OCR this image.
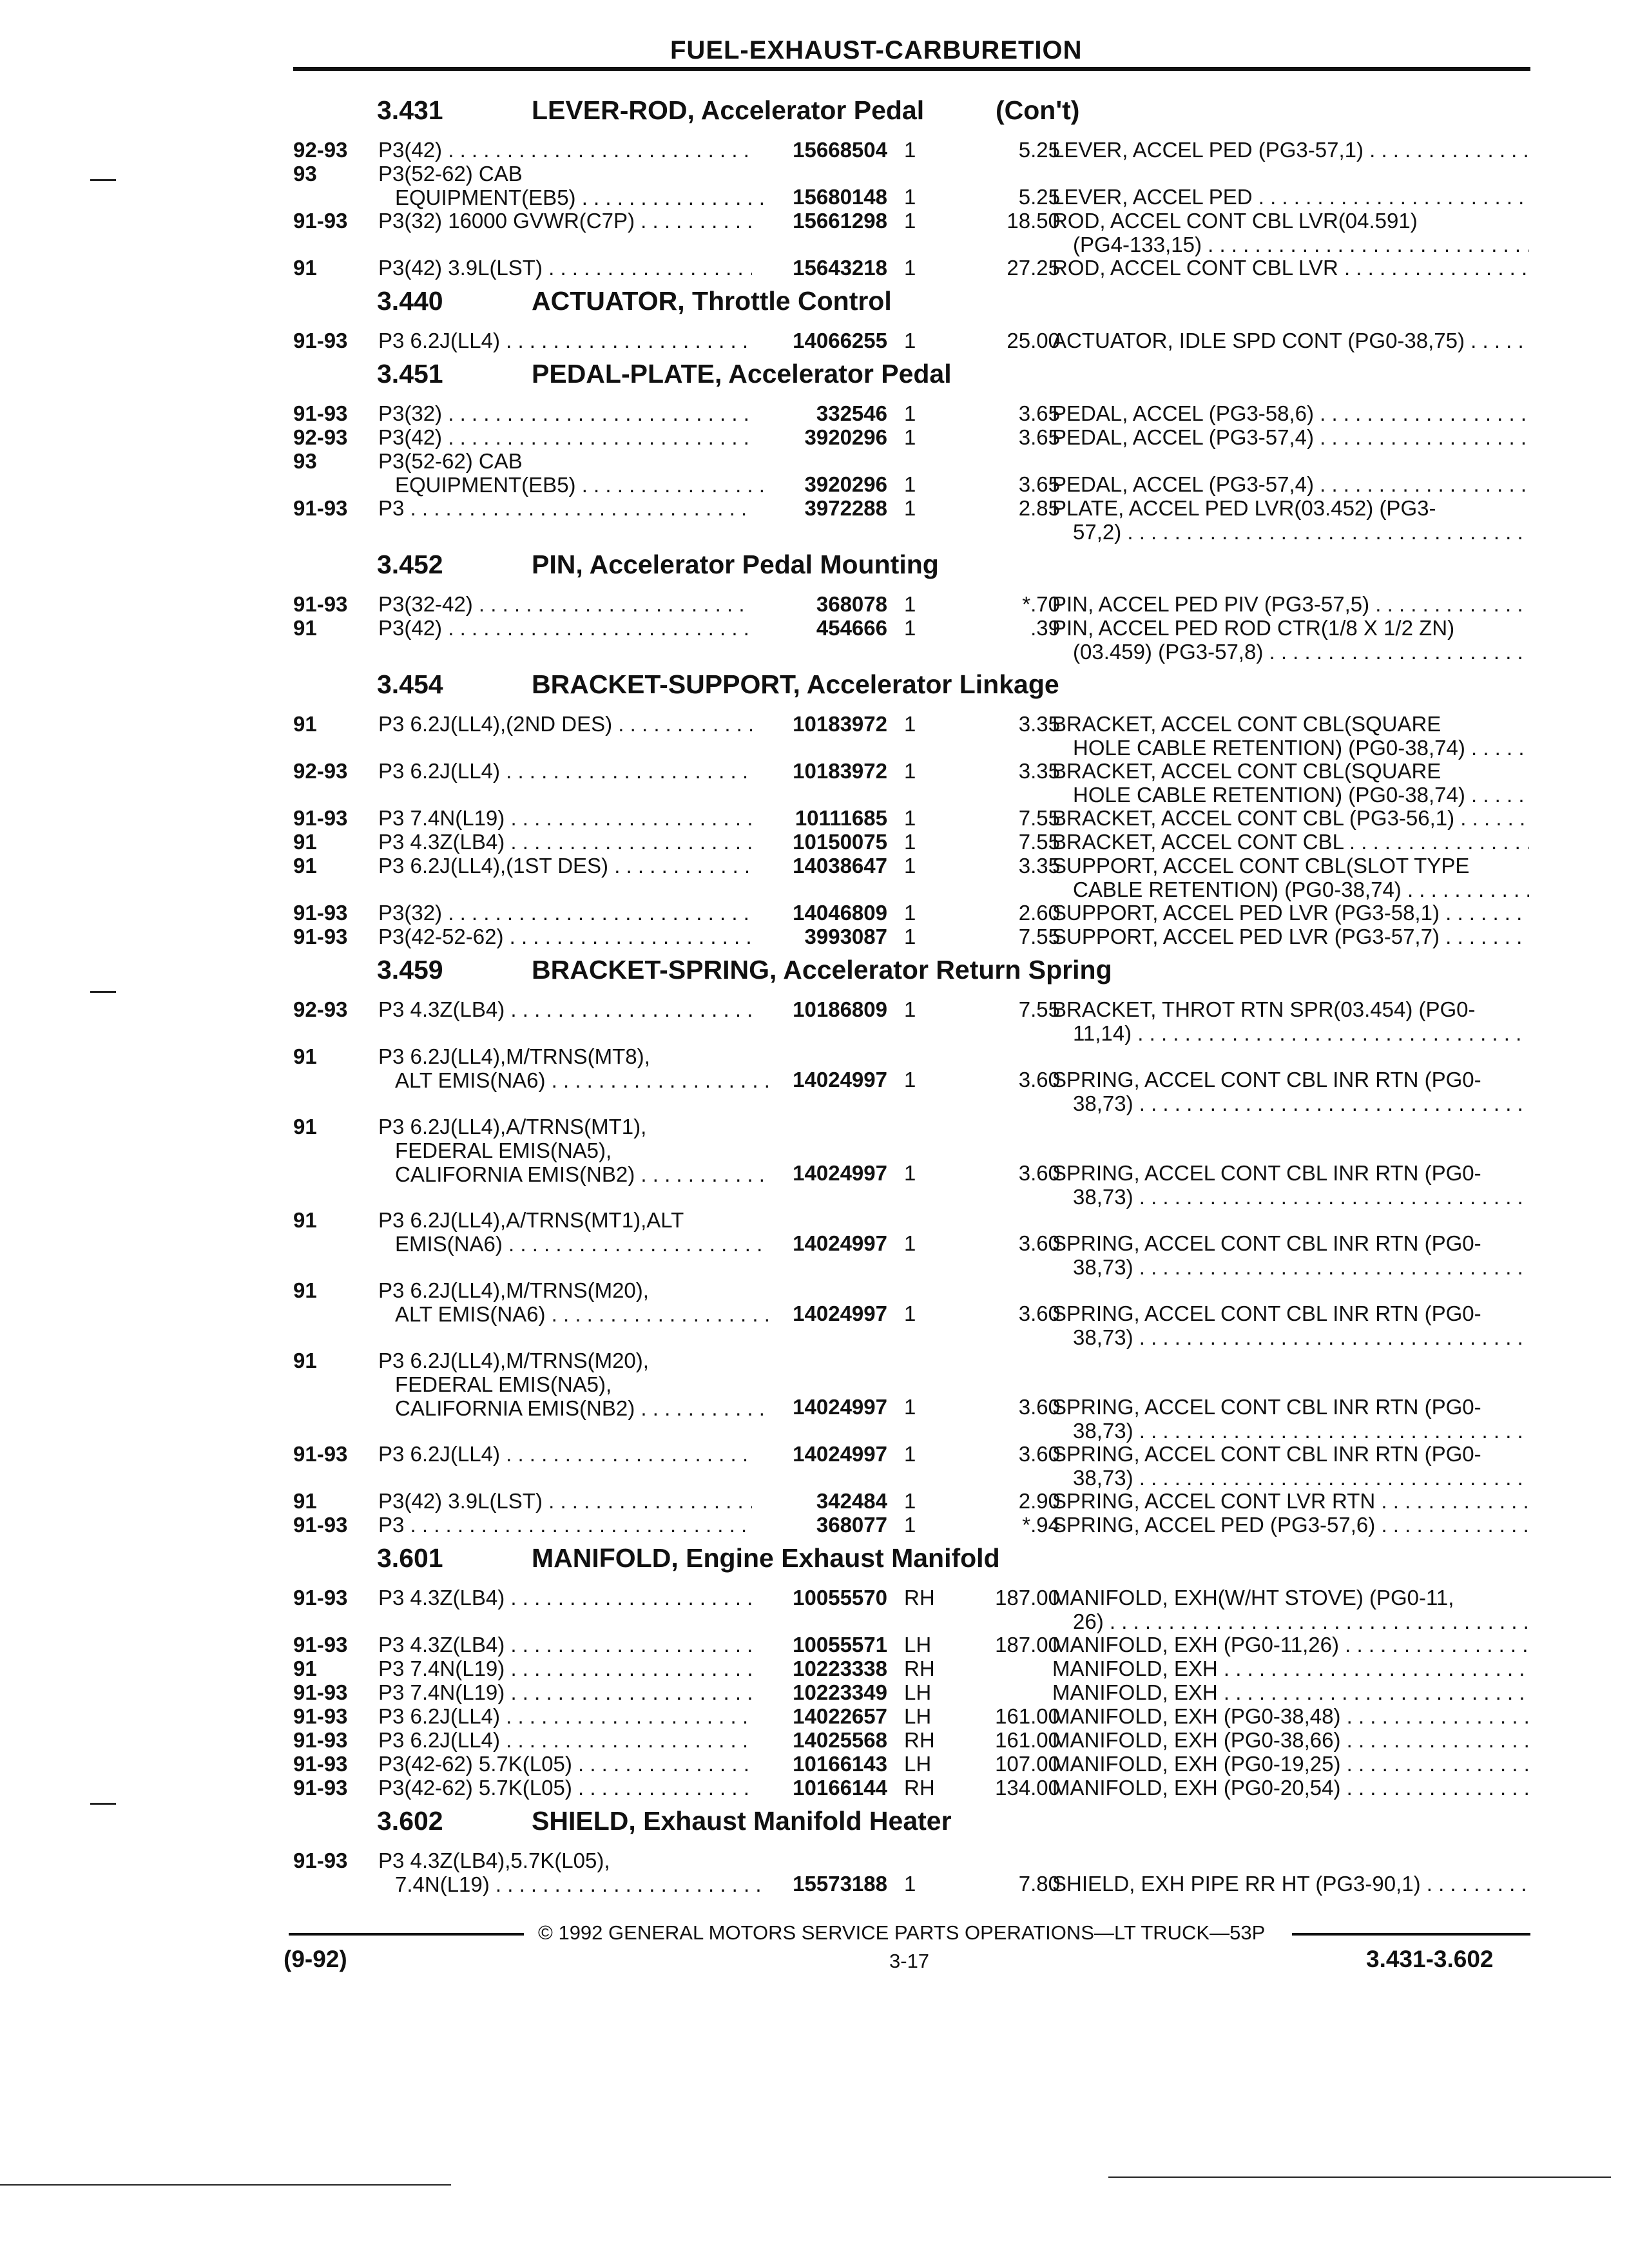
FUEL-EXHAUST-CARBURETION
3.431	LEVER-ROD, Accelerator Pedal	(Con't)
92-93 P3(42) . . .	15668504 1	5.25
LEVER, ACCEL PED (PG3-57,1) . . .
93	P3(52-62) CAB
EQUIPMENT(EB5) . . .	15680148 1	5.25
LEVER, ACCEL PED . . .
91-93 P3(32) 16000 GVWR(C7P) . . .	15661298 1	18.50
ROD, ACCEL CONT CBL LVR(04.591)
(PG4-133,15) . . .
91	P3(42) 3.9L(LST) . . .	15643218 1	27.25
ROD, ACCEL CONT CBL LVR . . .
3.440	ACTUATOR, Throttle Control
91-93 P3 6.2J(LL4) . . .	14066255 1	25.00
ACTUATOR, IDLE SPD CONT (PG0-38,75) . . .
3.451	PEDAL-PLATE, Accelerator Pedal
91-93 P3(32) . . .	332546 1	3.65
PEDAL, ACCEL (PG3-58,6) . . .
92-93 P3(42) . . .	3920296 1	3.65
PEDAL, ACCEL (PG3-57,4) . . .
93	P3(52-62) CAB
EQUIPMENT(EB5) . . .	3920296 1	3.65
PEDAL, ACCEL (PG3-57,4) . . .
91-93 P3 . . .	3972288 1	2.85
PLATE, ACCEL PED LVR(03.452) (PG3-
57,2) . . .
3.452	PIN, Accelerator Pedal Mounting
91-93 P3(32-42) . . .	368078 1	*.70
PIN, ACCEL PED PIV (PG3-57,5) . . .
91	P3(42) . . .	454666 1	.39
PIN, ACCEL PED ROD CTR(1/8 X 1/2 ZN)
(03.459) (PG3-57,8) . . .
3.454	BRACKET-SUPPORT, Accelerator Linkage
91	P3 6.2J(LL4),(2ND DES) . . .	10183972 1	3.35
BRACKET, ACCEL CONT CBL(SQUARE
HOLE CABLE RETENTION) (PG0-38,74) . . .
92-93 P3 6.2J(LL4) . . .	10183972 1	3.35
BRACKET, ACCEL CONT CBL(SQUARE
HOLE CABLE RETENTION) (PG0-38,74) . . .
91-93 P3 7.4N(L19) . . .	10111685 1	7.55
BRACKET, ACCEL CONT CBL (PG3-56,1) . . .
91	P3 4.3Z(LB4) . . .	10150075 1	7.55
BRACKET, ACCEL CONT CBL . . .
91	P3 6.2J(LL4),(1ST DES) . . .	14038647 1	3.35
SUPPORT, ACCEL CONT CBL(SLOT TYPE
CABLE RETENTION) (PG0-38,74) . . .
91-93 P3(32) . . .	14046809 1	2.60
SUPPORT, ACCEL PED LVR (PG3-58,1) . . .
91-93 P3(42-52-62) . . .	3993087 1	7.55
SUPPORT, ACCEL PED LVR (PG3-57,7) . . .
3.459	BRACKET-SPRING, Accelerator Return Spring
92-93 P3 4.3Z(LB4) . . .	10186809 1	7.55
BRACKET, THROT RTN SPR(03.454) (PG0-
11,14) . . .
91	P3 6.2J(LL4),M/TRNS(MT8),
ALT EMIS(NA6) . . .	14024997 1	3.60
SPRING, ACCEL CONT CBL INR RTN (PG0-
38,73) . . .
91	P3 6.2J(LL4),A/TRNS(MT1),
FEDERAL EMIS(NA5),
CALIFORNIA EMIS(NB2) . . .	14024997 1	3.60
SPRING, ACCEL CONT CBL INR RTN (PG0-
38,73) . . .
91	P3 6.2J(LL4),A/TRNS(MT1),ALT
EMIS(NA6) . . .	14024997 1	3.60
SPRING, ACCEL CONT CBL INR RTN (PG0-
38,73) . . .
91	P3 6.2J(LL4),M/TRNS(M20),
ALT EMIS(NA6) . . .	14024997 1	3.60
SPRING, ACCEL CONT CBL INR RTN (PG0-
38,73) . . .
91	P3 6.2J(LL4),M/TRNS(M20),
FEDERAL EMIS(NA5),
CALIFORNIA EMIS(NB2) . . .	14024997 1	3.60
SPRING, ACCEL CONT CBL INR RTN (PG0-
38,73) . . .
91-93 P3 6.2J(LL4) . . .	14024997 1	3.60
SPRING, ACCEL CONT CBL INR RTN (PG0-
38,73) . . .
91	P3(42) 3.9L(LST) . . .	342484 1	2.90
SPRING, ACCEL CONT LVR RTN . . .
91-93 P3 . . .	368077 1	*.94
SPRING, ACCEL PED (PG3-57,6) . . .
3.601	MANIFOLD, Engine Exhaust Manifold
91-93 P3 4.3Z(LB4) . . .	10055570 RH	187.00
MANIFOLD, EXH(W/HT STOVE) (PG0-11,
26) . . .
91-93 P3 4.3Z(LB4) . . .	10055571 LH	187.00
MANIFOLD, EXH (PG0-11,26) . . .
91	P3 7.4N(L19) . . .	10223338 RH	MANIFOLD, EXH . . .
91-93 P3 7.4N(L19) . . .	10223349 LH	MANIFOLD, EXH . . .
91-93 P3 6.2J(LL4) . . .	14022657 LH	161.00
MANIFOLD, EXH (PG0-38,48) . . .
91-93 P3 6.2J(LL4) . . .	14025568 RH	161.00
MANIFOLD, EXH (PG0-38,66) . . .
91-93 P3(42-62) 5.7K(L05) . . .	10166143 LH	107.00
MANIFOLD, EXH (PG0-19,25) . . .
91-93 P3(42-62) 5.7K(L05) . . .	10166144 RH	134.00
MANIFOLD, EXH (PG0-20,54) . . .
3.602	SHIELD, Exhaust Manifold Heater
91-93 P3 4.3Z(LB4),5.7K(L05),
7.4N(L19) . . .	15573188 1	7.80
SHIELD, EXH PIPE RR HT (PG3-90,1) . . .
© 1992 GENERAL MOTORS SERVICE PARTS OPERATIONS—LT TRUCK—53P
(9-92)	3-17	3.431-3.602
